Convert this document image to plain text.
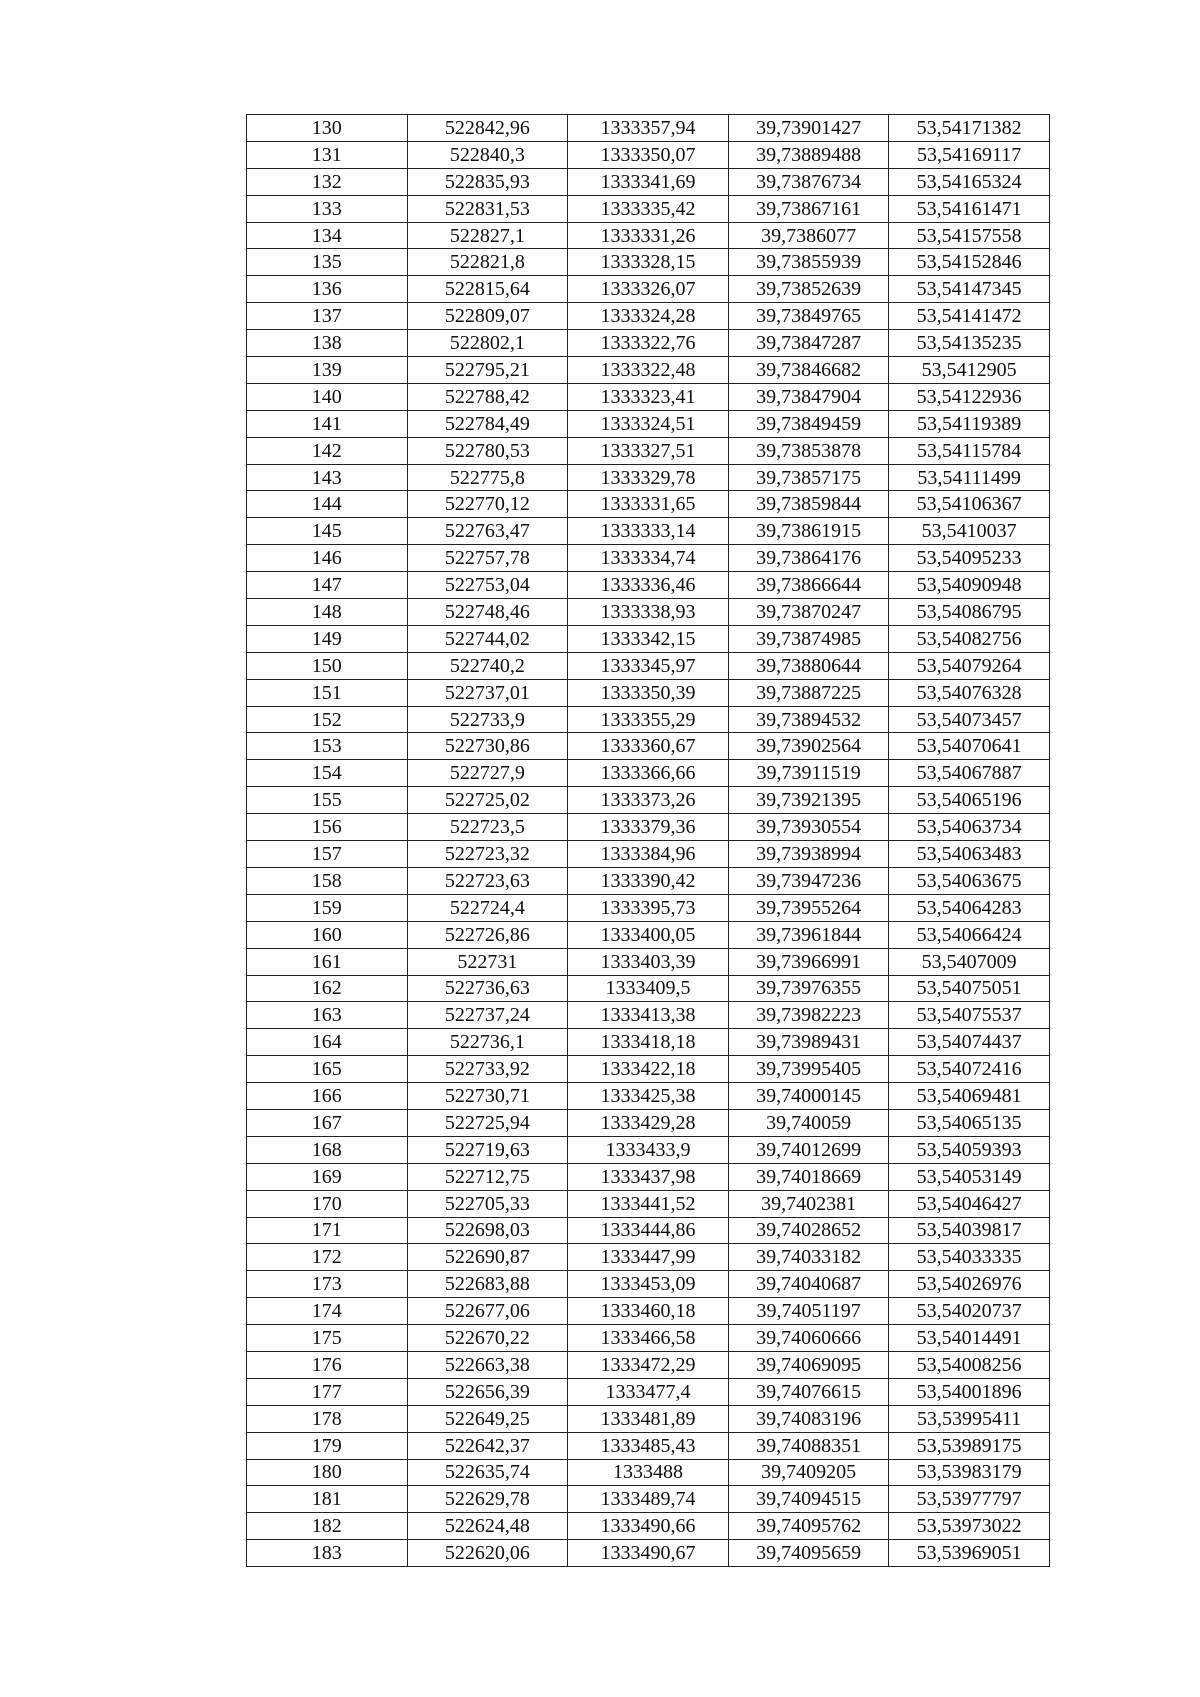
130	522842,96	1333357,94	39,73901427	53,54171382
131	522840,3	1333350,07	39,73889488	53,54169117
132	522835,93	1333341,69	39,73876734	53,54165324
133	522831,53	1333335,42	39,73867161	53,54161471
134	522827,1	1333331,26	39,7386077	53,54157558
135	522821,8	1333328,15	39,73855939	53,54152846
136	522815,64	1333326,07	39,73852639	53,54147345
137	522809,07	1333324,28	39,73849765	53,54141472
138	522802,1	1333322,76	39,73847287	53,54135235
139	522795,21	1333322,48	39,73846682	53,5412905
140	522788,42	1333323,41	39,73847904	53,54122936
141	522784,49	1333324,51	39,73849459	53,54119389
142	522780,53	1333327,51	39,73853878	53,54115784
143	522775,8	1333329,78	39,73857175	53,54111499
144	522770,12	1333331,65	39,73859844	53,54106367
145	522763,47	1333333,14	39,73861915	53,5410037
146	522757,78	1333334,74	39,73864176	53,54095233
147	522753,04	1333336,46	39,73866644	53,54090948
148	522748,46	1333338,93	39,73870247	53,54086795
149	522744,02	1333342,15	39,73874985	53,54082756
150	522740,2	1333345,97	39,73880644	53,54079264
151	522737,01	1333350,39	39,73887225	53,54076328
152	522733,9	1333355,29	39,73894532	53,54073457
153	522730,86	1333360,67	39,73902564	53,54070641
154	522727,9	1333366,66	39,73911519	53,54067887
155	522725,02	1333373,26	39,73921395	53,54065196
156	522723,5	1333379,36	39,73930554	53,54063734
157	522723,32	1333384,96	39,73938994	53,54063483
158	522723,63	1333390,42	39,73947236	53,54063675
159	522724,4	1333395,73	39,73955264	53,54064283
160	522726,86	1333400,05	39,73961844	53,54066424
161	522731	1333403,39	39,73966991	53,5407009
162	522736,63	1333409,5	39,73976355	53,54075051
163	522737,24	1333413,38	39,73982223	53,54075537
164	522736,1	1333418,18	39,73989431	53,54074437
165	522733,92	1333422,18	39,73995405	53,54072416
166	522730,71	1333425,38	39,74000145	53,54069481
167	522725,94	1333429,28	39,740059	53,54065135
168	522719,63	1333433,9	39,74012699	53,54059393
169	522712,75	1333437,98	39,74018669	53,54053149
170	522705,33	1333441,52	39,7402381	53,54046427
171	522698,03	1333444,86	39,74028652	53,54039817
172	522690,87	1333447,99	39,74033182	53,54033335
173	522683,88	1333453,09	39,74040687	53,54026976
174	522677,06	1333460,18	39,74051197	53,54020737
175	522670,22	1333466,58	39,74060666	53,54014491
176	522663,38	1333472,29	39,74069095	53,54008256
177	522656,39	1333477,4	39,74076615	53,54001896
178	522649,25	1333481,89	39,74083196	53,53995411
179	522642,37	1333485,43	39,74088351	53,53989175
180	522635,74	1333488	39,7409205	53,53983179
181	522629,78	1333489,74	39,74094515	53,53977797
182	522624,48	1333490,66	39,74095762	53,53973022
183	522620,06	1333490,67	39,74095659	53,53969051
